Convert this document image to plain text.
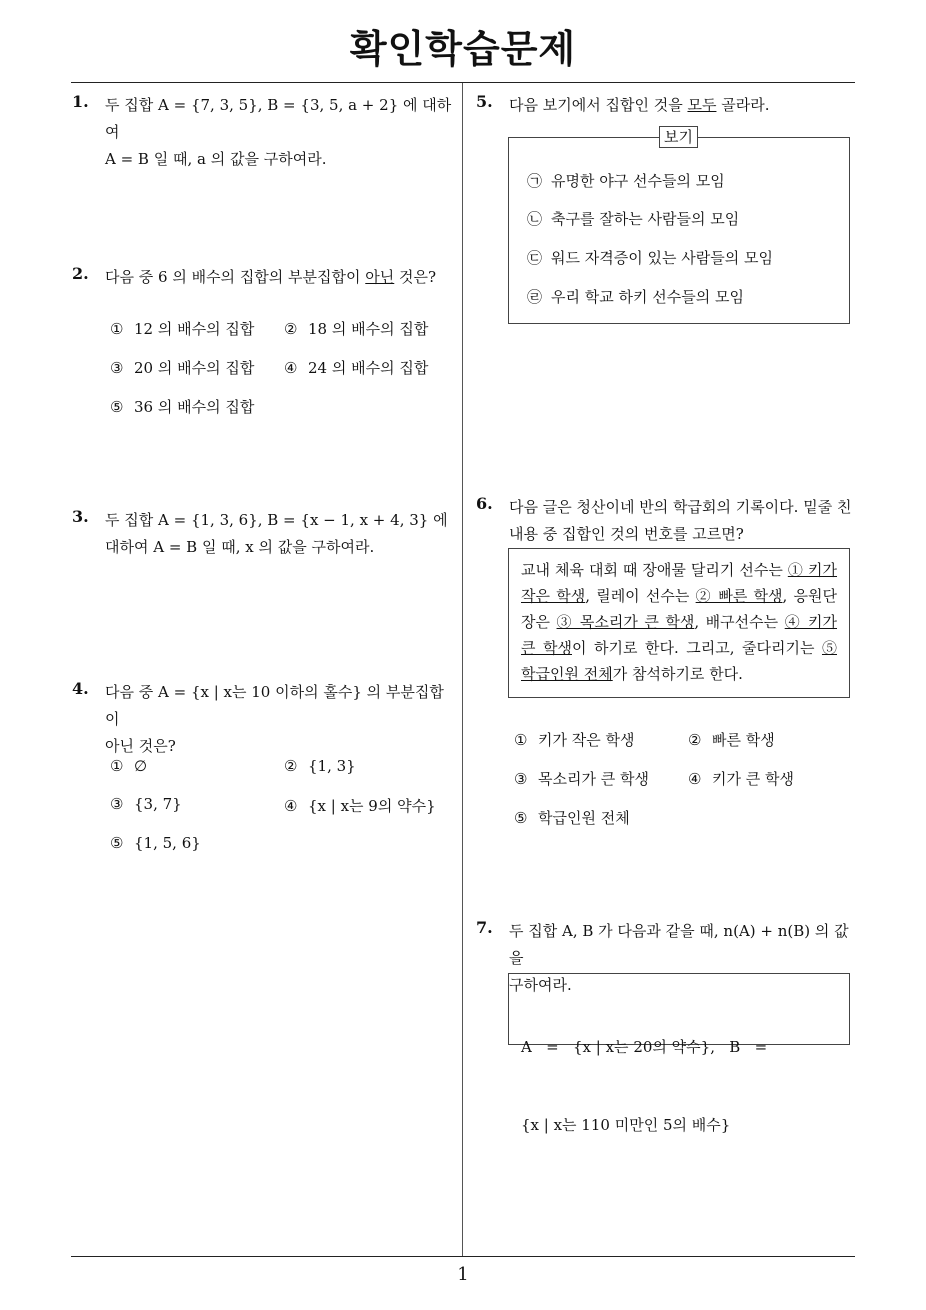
확인학습문제
1
1. 두 집합 A = {7, 3, 5}, B = {3, 5, a + 2} 에 대하여
A = B 일 때, a 의 값을 구하여라.
2. 다음 중 6 의 배수의 집합의 부분집합이 아닌 것은?
① 12 의 배수의 집합 ② 18 의 배수의 집합
③ 20 의 배수의 집합 ④ 24 의 배수의 집합
⑤ 36 의 배수의 집합
3. 두 집합 A = {1, 3, 6}, B = {x − 1, x + 4, 3} 에
대하여 A = B 일 때, x 의 값을 구하여라.
4. 다음 중 A = {x | x는 10 이하의 홀수} 의 부분집합이
아닌 것은?
① ∅	② {1, 3}
③ {3, 7}	④ {x | x는 9의 약수}
⑤ {1, 5, 6}
5. 다음 보기에서 집합인 것을 모두 골라라.
보기
㉠ 유명한 야구 선수들의 모임
㉡ 축구를 잘하는 사람들의 모임
㉢ 워드 자격증이 있는 사람들의 모임
㉣ 우리 학교 하키 선수들의 모임
6. 다음 글은 청산이네 반의 학급회의 기록이다. 밑줄 친
내용 중 집합인 것의 번호를 고르면?
교내 체육 대회 때 장애물 달리기 선수는 ① 키가 작은 학생, 릴레이 선수는 ② 빠른 학생, 응원단장은 ③ 목소리가 큰 학생, 배구선수는 ④ 키가 큰 학생이 하기로 한다. 그리고, 줄다리기는 ⑤ 학급인원 전체가 참석하기로 한다.
① 키가 작은 학생	② 빠른 학생
③ 목소리가 큰 학생	④ 키가 큰 학생
⑤ 학급인원 전체
7. 두 집합 A, B 가 다음과 같을 때, n(A) + n(B) 의 값을
구하여라.

A   =   {x | x는 20의 약수},   B   =

{x | x는 110 미만인 5의 배수}
